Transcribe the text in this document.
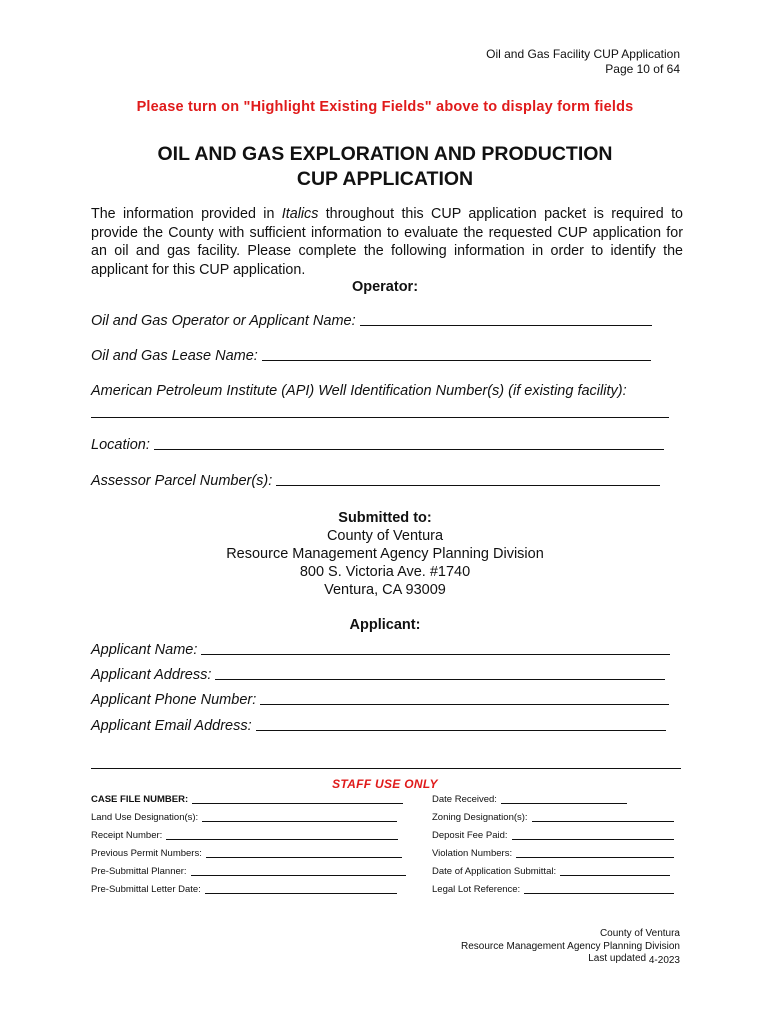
Oil and Gas Facility CUP Application
Page 10 of 64
Please turn on "Highlight Existing Fields" above to display form fields
OIL AND GAS EXPLORATION AND PRODUCTION
CUP APPLICATION
The information provided in Italics throughout this CUP application packet is required to provide the County with sufficient information to evaluate the requested CUP application for an oil and gas facility. Please complete the following information in order to identify the applicant for this CUP application.
Operator:
Oil and Gas Operator or Applicant Name:
Oil and Gas Lease Name:
American Petroleum Institute (API) Well Identification Number(s) (if existing facility):
Location:
Assessor Parcel Number(s):
Submitted to:
County of Ventura
Resource Management Agency Planning Division
800 S. Victoria Ave. #1740
Ventura, CA 93009
Applicant:
Applicant Name:
Applicant Address:
Applicant Phone Number:
Applicant Email Address:
STAFF USE ONLY
CASE FILE NUMBER:
Land Use Designation(s):
Receipt Number:
Previous Permit Numbers:
Pre-Submittal Planner:
Pre-Submittal Letter Date:
Date Received:
Zoning Designation(s):
Deposit Fee Paid:
Violation Numbers:
Date of Application Submittal:
Legal Lot Reference:
County of Ventura
Resource Management Agency Planning Division
Last updated 4-2023
